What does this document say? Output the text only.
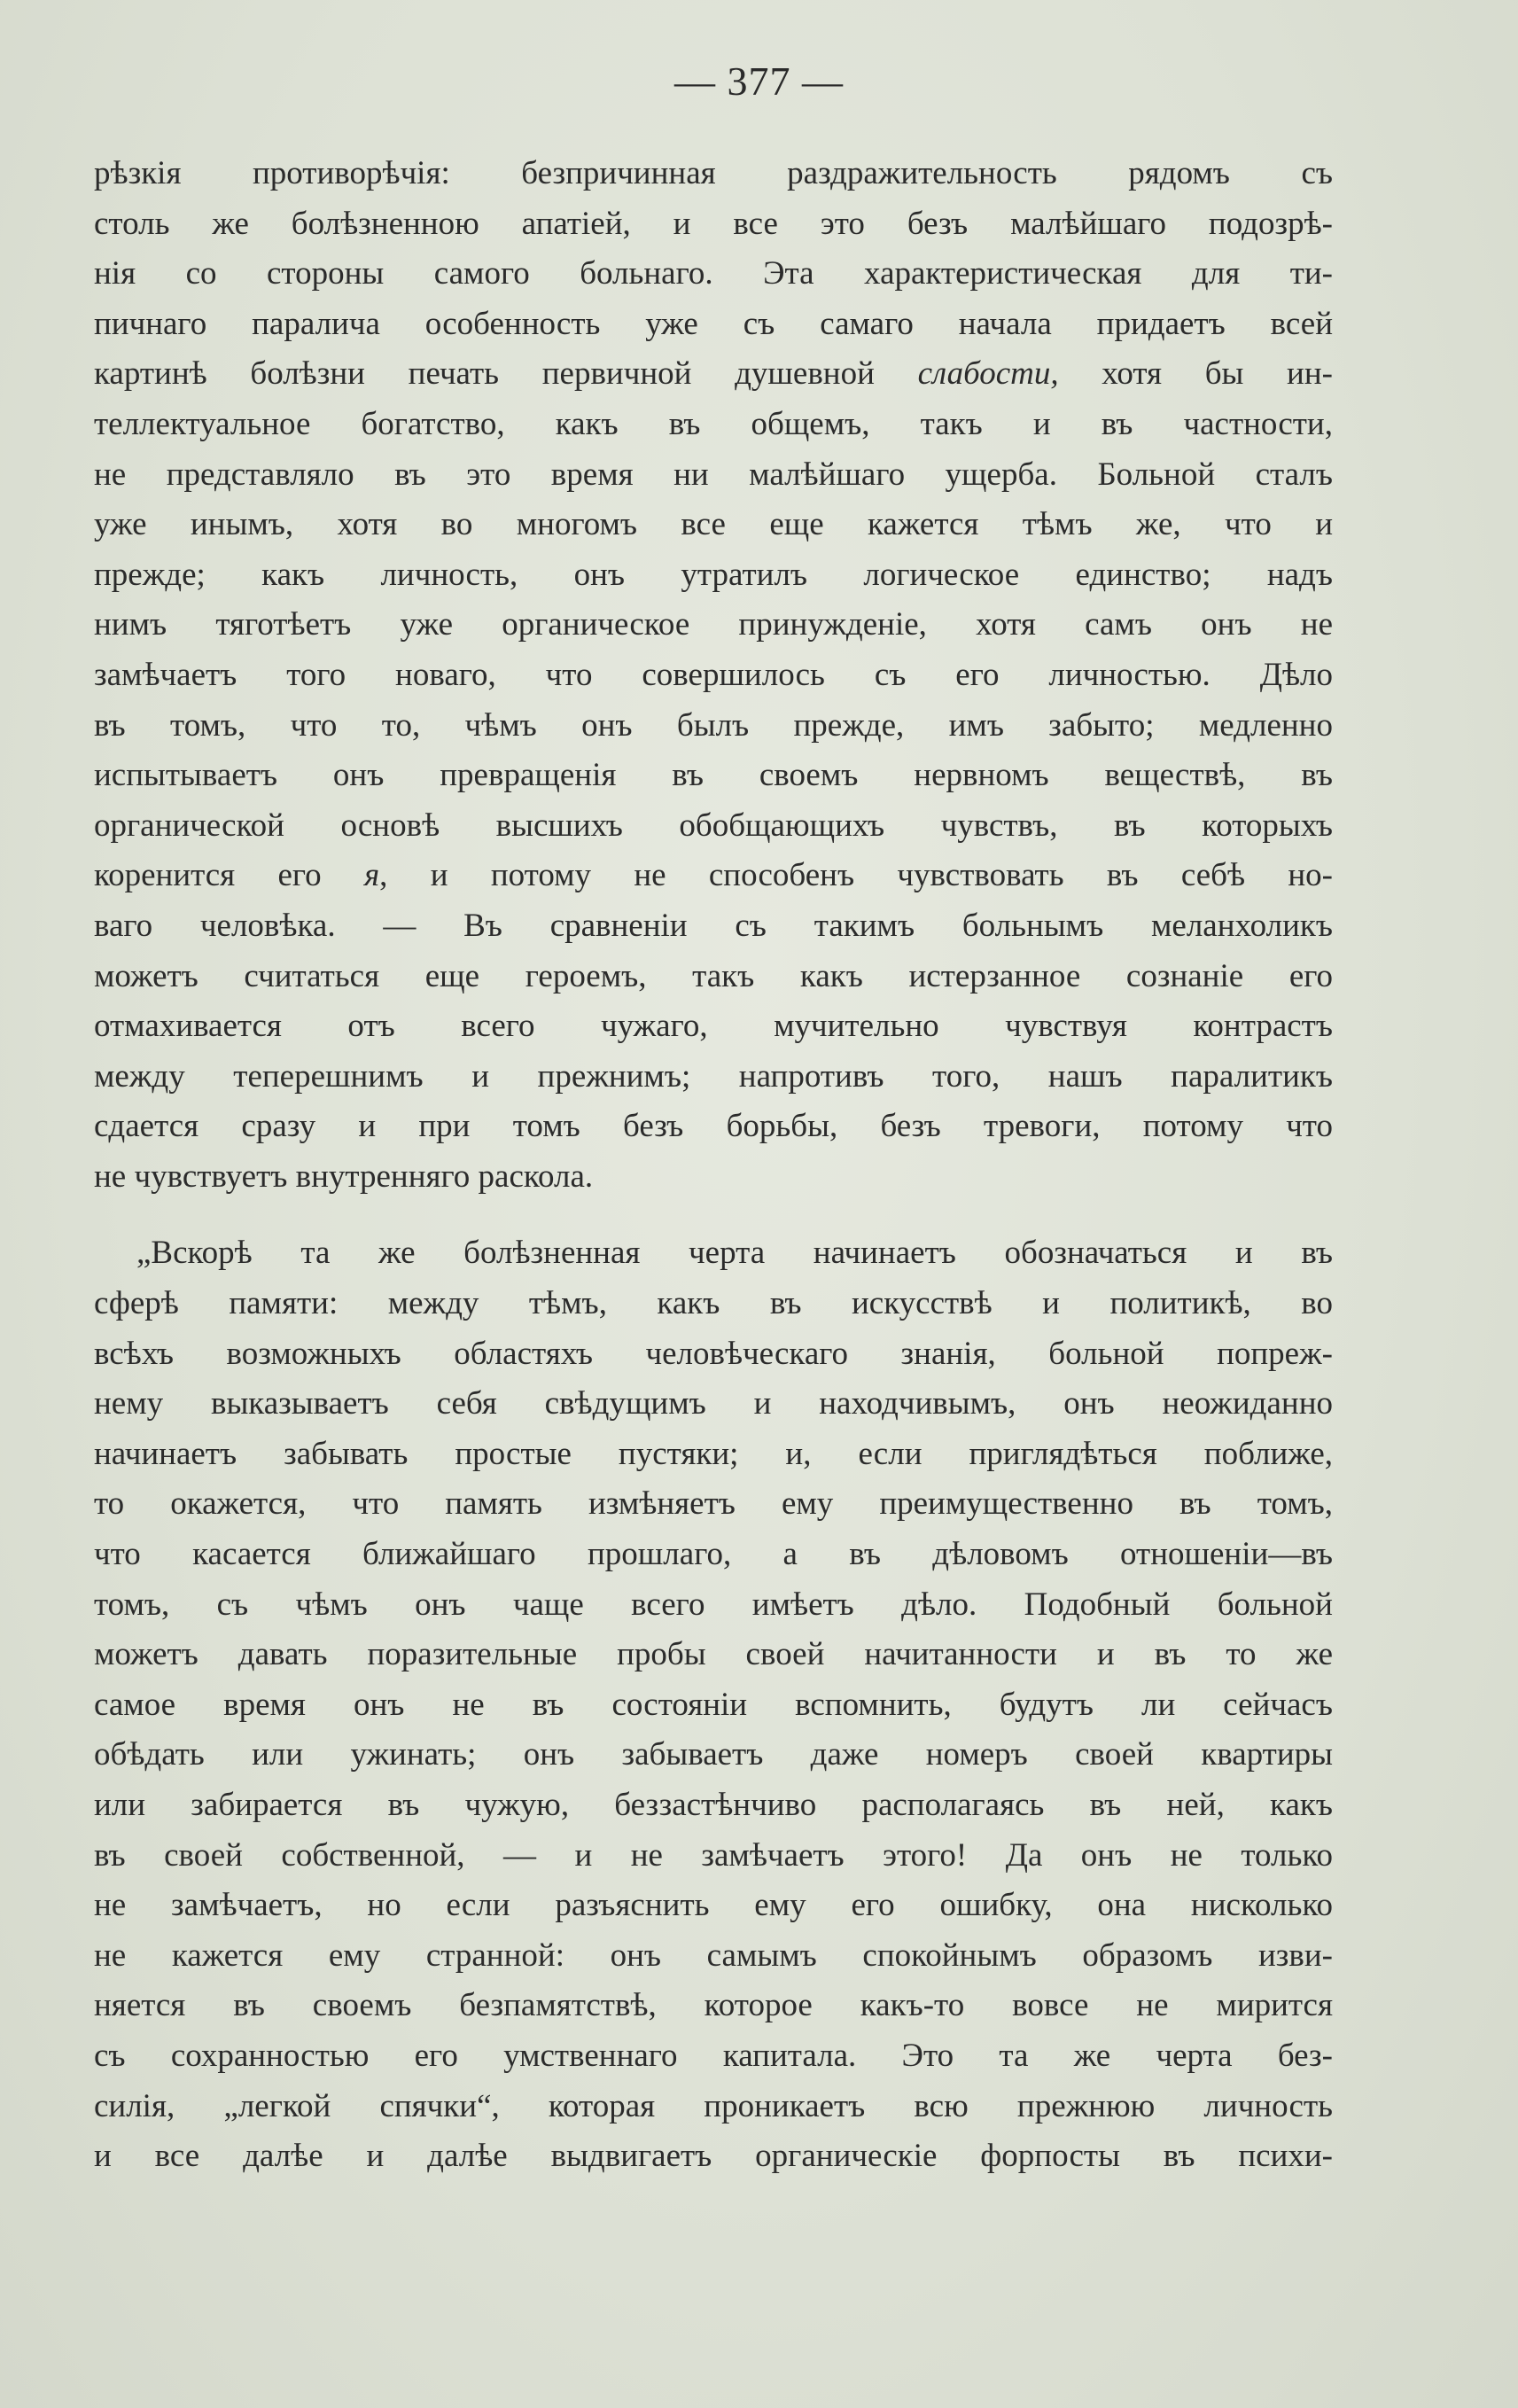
— 377 —
рѣзкія противорѣчія: безпричинная раздражительность рядомъ съ
столь же болѣзненною апатіей, и все это безъ малѣйшаго подозрѣ-
нія со стороны самого больнаго. Эта характеристическая для ти-
пичнаго паралича особенность уже съ самаго начала придаетъ всей
картинѣ болѣзни печать первичной душевной слабости, хотя бы ин-
теллектуальное богатство, какъ въ общемъ, такъ и въ частности,
не представляло въ это время ни малѣйшаго ущерба. Больной сталъ
уже инымъ, хотя во многомъ все еще кажется тѣмъ же, что и
прежде; какъ личность, онъ утратилъ логическое единство; надъ
нимъ тяготѣетъ уже органическое принужденіе, хотя самъ онъ не
замѣчаетъ того новаго, что совершилось съ его личностью. Дѣло
въ томъ, что то, чѣмъ онъ былъ прежде, имъ забыто; медленно
испытываетъ онъ превращенія въ своемъ нервномъ веществѣ, въ
органической основѣ высшихъ обобщающихъ чувствъ, въ которыхъ
коренится его я, и потому не способенъ чувствовать въ себѣ но-
ваго человѣка. — Въ сравненіи съ такимъ больнымъ меланхоликъ
можетъ считаться еще героемъ, такъ какъ истерзанное сознаніе его
отмахивается отъ всего чужаго, мучительно чувствуя контрастъ
между теперешнимъ и прежнимъ; напротивъ того, нашъ паралитикъ
сдается сразу и при томъ безъ борьбы, безъ тревоги, потому что
не чувствуетъ внутренняго раскола.
„Вскорѣ та же болѣзненная черта начинаетъ обозначаться и въ
сферѣ памяти: между тѣмъ, какъ въ искусствѣ и политикѣ, во
всѣхъ возможныхъ областяхъ человѣческаго знанія, больной попреж-
нему выказываетъ себя свѣдущимъ и находчивымъ, онъ неожиданно
начинаетъ забывать простые пустяки; и, если приглядѣться поближе,
то окажется, что память измѣняетъ ему преимущественно въ томъ,
что касается ближайшаго прошлаго, а въ дѣловомъ отношеніи—въ
томъ, съ чѣмъ онъ чаще всего имѣетъ дѣло. Подобный больной
можетъ давать поразительные пробы своей начитанности и въ то же
самое время онъ не въ состояніи вспомнить, будутъ ли сейчасъ
обѣдать или ужинать; онъ забываетъ даже номеръ своей квартиры
или забирается въ чужую, беззастѣнчиво располагаясь въ ней, какъ
въ своей собственной, — и не замѣчаетъ этого! Да онъ не только
не замѣчаетъ, но если разъяснить ему его ошибку, она нисколько
не кажется ему странной: онъ самымъ спокойнымъ образомъ изви-
няется въ своемъ безпамятствѣ, которое какъ-то вовсе не мирится
съ сохранностью его умственнаго капитала. Это та же черта без-
силія, „легкой спячки“, которая проникаетъ всю прежнюю личность
и все далѣе и далѣе выдвигаетъ органическіе форпосты въ психи-
